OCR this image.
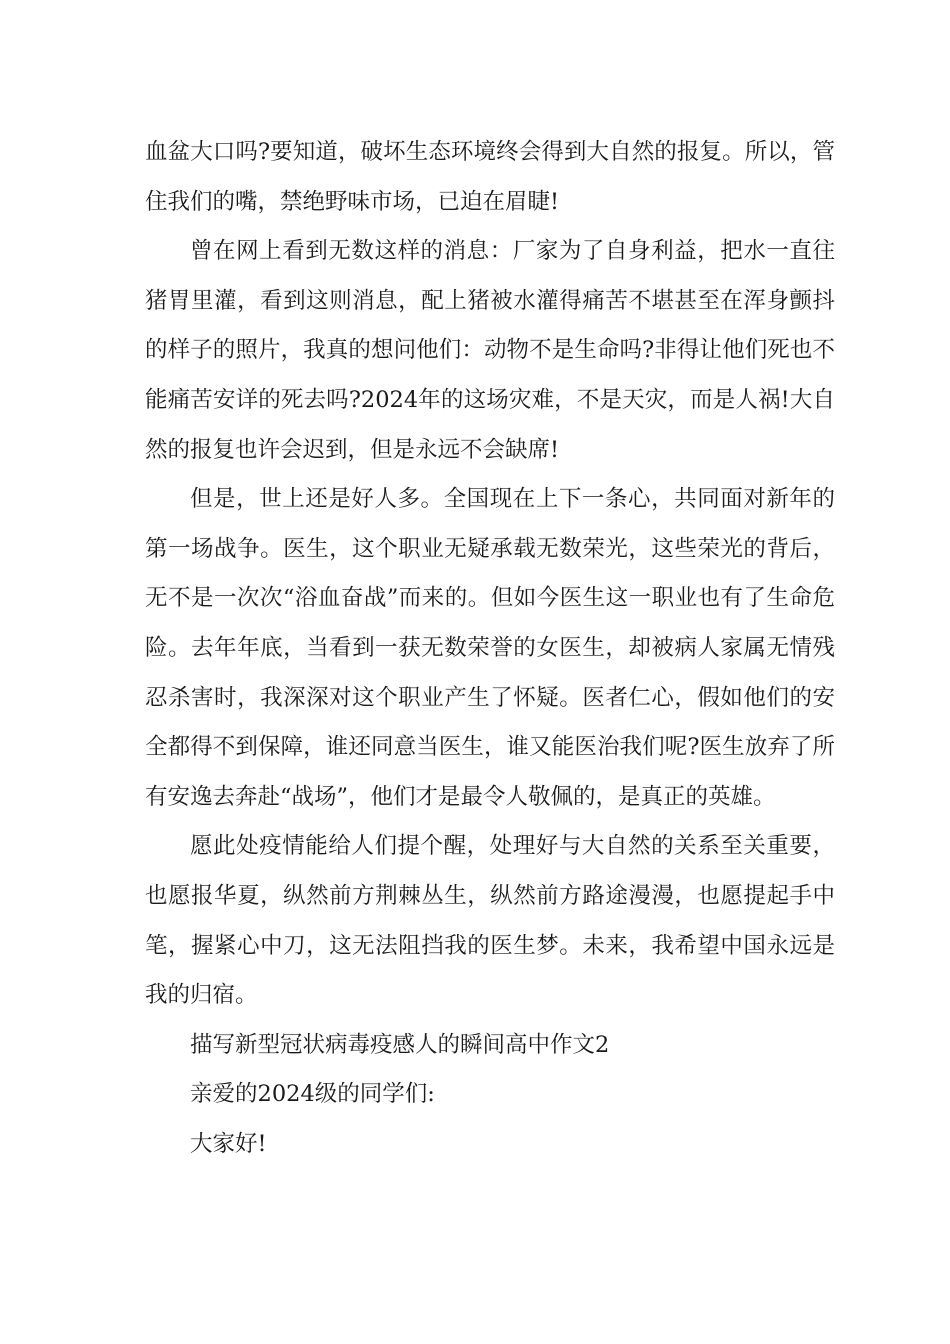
血盆大口吗?要知道，破坏生态环境终会得到大自然的报复。所以，管住我们的嘴，禁绝野味市场，已迫在眉睫!

曾在网上看到无数这样的消息：厂家为了自身利益，把水一直往猪胃里灌，看到这则消息，配上猪被水灌得痛苦不堪甚至在浑身颤抖的样子的照片，我真的想问他们：动物不是生命吗?非得让他们死也不能痛苦安详的死去吗?2024年的这场灾难，不是天灾，而是人祸!大自然的报复也许会迟到，但是永远不会缺席!

但是，世上还是好人多。全国现在上下一条心，共同面对新年的第一场战争。医生，这个职业无疑承载无数荣光，这些荣光的背后，无不是一次次“浴血奋战”而来的。但如今医生这一职业也有了生命危险。去年年底，当看到一获无数荣誉的女医生，却被病人家属无情残忍杀害时，我深深对这个职业产生了怀疑。医者仁心，假如他们的安全都得不到保障，谁还同意当医生，谁又能医治我们呢?医生放弃了所有安逸去奔赴“战场”，他们才是最令人敬佩的，是真正的英雄。

愿此处疫情能给人们提个醒，处理好与大自然的关系至关重要，也愿报华夏，纵然前方荆棘丛生，纵然前方路途漫漫，也愿提起手中笔，握紧心中刀，这无法阻挡我的医生梦。未来，我希望中国永远是我的归宿。

描写新型冠状病毒疫感人的瞬间高中作文2

亲爱的2024级的同学们:

大家好!
